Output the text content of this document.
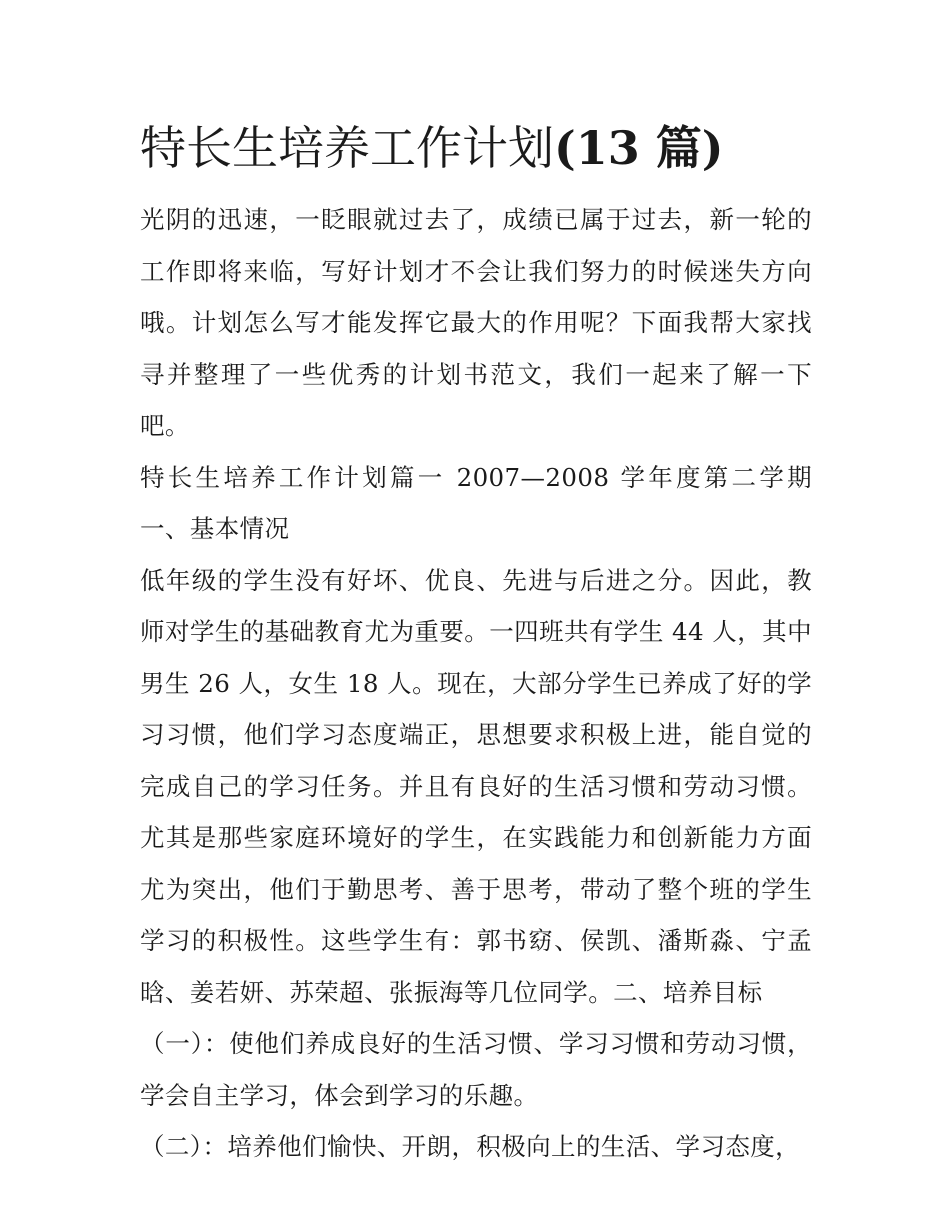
特长生培养工作计划(13 篇)

光阴的迅速，一眨眼就过去了，成绩已属于过去，新一轮的工作即将来临，写好计划才不会让我们努力的时候迷失方向哦。计划怎么写才能发挥它最大的作用呢？下面我帮大家找寻并整理了一些优秀的计划书范文，我们一起来了解一下吧。

特长生培养工作计划篇一 2007—2008 学年度第二学期 一、基本情况

低年级的学生没有好坏、优良、先进与后进之分。因此，教师对学生的基础教育尤为重要。一四班共有学生 44 人，其中男生 26 人，女生 18 人。现在，大部分学生已养成了好的学习习惯，他们学习态度端正，思想要求积极上进，能自觉的完成自己的学习任务。并且有良好的生活习惯和劳动习惯。尤其是那些家庭环境好的学生，在实践能力和创新能力方面尤为突出，他们于勤思考、善于思考，带动了整个班的学生学习的积极性。这些学生有：郭书窈、侯凯、潘斯淼、宁孟晗、姜若妍、苏荣超、张振海等几位同学。二、培养目标

（一）：使他们养成良好的生活习惯、学习习惯和劳动习惯，学会自主学习，体会到学习的乐趣。

（二）：培养他们愉快、开朗，积极向上的生活、学习态度，
